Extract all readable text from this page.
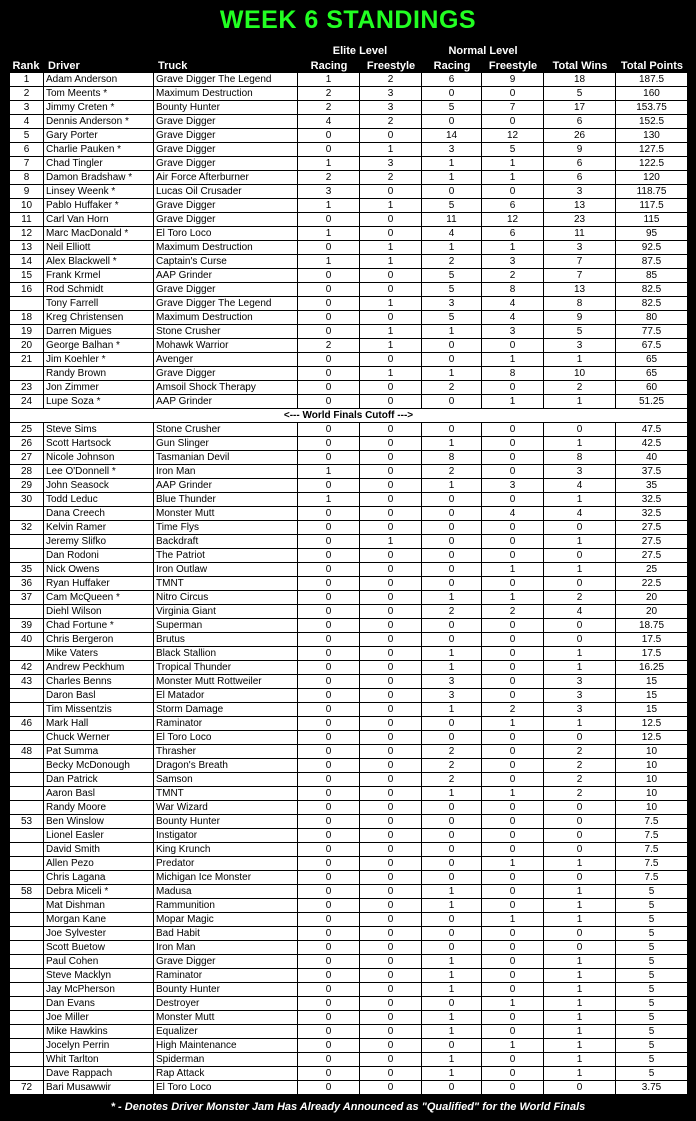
WEEK 6 STANDINGS
Elite Level	Normal Level
Rank Driver	Truck	Racing	Freestyle	Racing	Freestyle	Total Wins	Total Points
1	Adam Anderson	Grave Digger The Legend	1	2	6	9	18	187.5
2	Tom Meents *	Maximum Destruction	2	3	0	0	5	160
3	Jimmy Creten *	Bounty Hunter	2	3	5	7	17	153.75
4	Dennis Anderson *	Grave Digger	4	2	0	0	6	152.5
5	Gary Porter	Grave Digger	0	0	14	12	26	130
6	Charlie Pauken *	Grave Digger	0	1	3	5	9	127.5
7	Chad Tingler	Grave Digger	1	3	1	1	6	122.5
8	Damon Bradshaw *	Air Force Afterburner	2	2	1	1	6	120
9	Linsey Weenk *	Lucas Oil Crusader	3	0	0	0	3	118.75
10	Pablo Huffaker *	Grave Digger	1	1	5	6	13	117.5
11	Carl Van Horn	Grave Digger	0	0	11	12	23	115
12	Marc MacDonald *	El Toro Loco	1	0	4	6	11	95
13	Neil Elliott	Maximum Destruction	0	1	1	1	3	92.5
14	Alex Blackwell *	Captain's Curse	1	1	2	3	7	87.5
15	Frank Krmel	AAP Grinder	0	0	5	2	7	85
16	Rod Schmidt	Grave Digger	0	0	5	8	13	82.5
	Tony Farrell	Grave Digger The Legend	0	1	3	4	8	82.5
18	Kreg Christensen	Maximum Destruction	0	0	5	4	9	80
19	Darren Migues	Stone Crusher	0	1	1	3	5	77.5
20	George Balhan *	Mohawk Warrior	2	1	0	0	3	67.5
21	Jim Koehler *	Avenger	0	0	0	1	1	65
	Randy Brown	Grave Digger	0	1	1	8	10	65
23	Jon Zimmer	Amsoil Shock Therapy	0	0	2	0	2	60
24	Lupe Soza *	AAP Grinder	0	0	0	1	1	51.25
<--- World Finals Cutoff --->								
25	Steve Sims	Stone Crusher	0	0	0	0	0	47.5
26	Scott Hartsock	Gun Slinger	0	0	1	0	1	42.5
27	Nicole Johnson	Tasmanian Devil	0	0	8	0	8	40
28	Lee O'Donnell *	Iron Man	1	0	2	0	3	37.5
29	John Seasock	AAP Grinder	0	0	1	3	4	35
30	Todd Leduc	Blue Thunder	1	0	0	0	1	32.5
	Dana Creech	Monster Mutt	0	0	0	4	4	32.5
32	Kelvin Ramer	Time Flys	0	0	0	0	0	27.5
	Jeremy Slifko	Backdraft	0	1	0	0	1	27.5
	Dan Rodoni	The Patriot	0	0	0	0	0	27.5
35	Nick Owens	Iron Outlaw	0	0	0	1	1	25
36	Ryan Huffaker	TMNT	0	0	0	0	0	22.5
37	Cam McQueen *	Nitro Circus	0	0	1	1	2	20
	Diehl Wilson	Virginia Giant	0	0	2	2	4	20
39	Chad Fortune *	Superman	0	0	0	0	0	18.75
40	Chris Bergeron	Brutus	0	0	0	0	0	17.5
	Mike Vaters	Black Stallion	0	0	1	0	1	17.5
42	Andrew Peckhum	Tropical Thunder	0	0	1	0	1	16.25
43	Charles Benns	Monster Mutt Rottweiler	0	0	3	0	3	15
	Daron Basl	El Matador	0	0	3	0	3	15
	Tim Missentzis	Storm Damage	0	0	1	2	3	15
46	Mark Hall	Raminator	0	0	0	1	1	12.5
	Chuck Werner	El Toro Loco	0	0	0	0	0	12.5
48	Pat Summa	Thrasher	0	0	2	0	2	10
	Becky McDonough	Dragon's Breath	0	0	2	0	2	10
	Dan Patrick	Samson	0	0	2	0	2	10
	Aaron Basl	TMNT	0	0	1	1	2	10
	Randy Moore	War Wizard	0	0	0	0	0	10
53	Ben Winslow	Bounty Hunter	0	0	0	0	0	7.5
	Lionel Easler	Instigator	0	0	0	0	0	7.5
	David Smith	King Krunch	0	0	0	0	0	7.5
	Allen Pezo	Predator	0	0	0	1	1	7.5
	Chris Lagana	Michigan Ice Monster	0	0	0	0	0	7.5
58	Debra Miceli *	Madusa	0	0	1	0	1	5
	Mat Dishman	Rammunition	0	0	1	0	1	5
	Morgan Kane	Mopar Magic	0	0	0	1	1	5
	Joe Sylvester	Bad Habit	0	0	0	0	0	5
	Scott Buetow	Iron Man	0	0	0	0	0	5
	Paul Cohen	Grave Digger	0	0	1	0	1	5
	Steve Macklyn	Raminator	0	0	1	0	1	5
	Jay McPherson	Bounty Hunter	0	0	1	0	1	5
	Dan Evans	Destroyer	0	0	0	1	1	5
	Joe Miller	Monster Mutt	0	0	1	0	1	5
	Mike Hawkins	Equalizer	0	0	1	0	1	5
	Jocelyn Perrin	High Maintenance	0	0	0	1	1	5
	Whit Tarlton	Spiderman	0	0	1	0	1	5
	Dave Rappach	Rap Attack	0	0	1	0	1	5
72	Bari Musawwir	El Toro Loco	0	0	0	0	0	3.75
* - Denotes Driver Monster Jam Has Already Announced as "Qualified" for the World Finals
